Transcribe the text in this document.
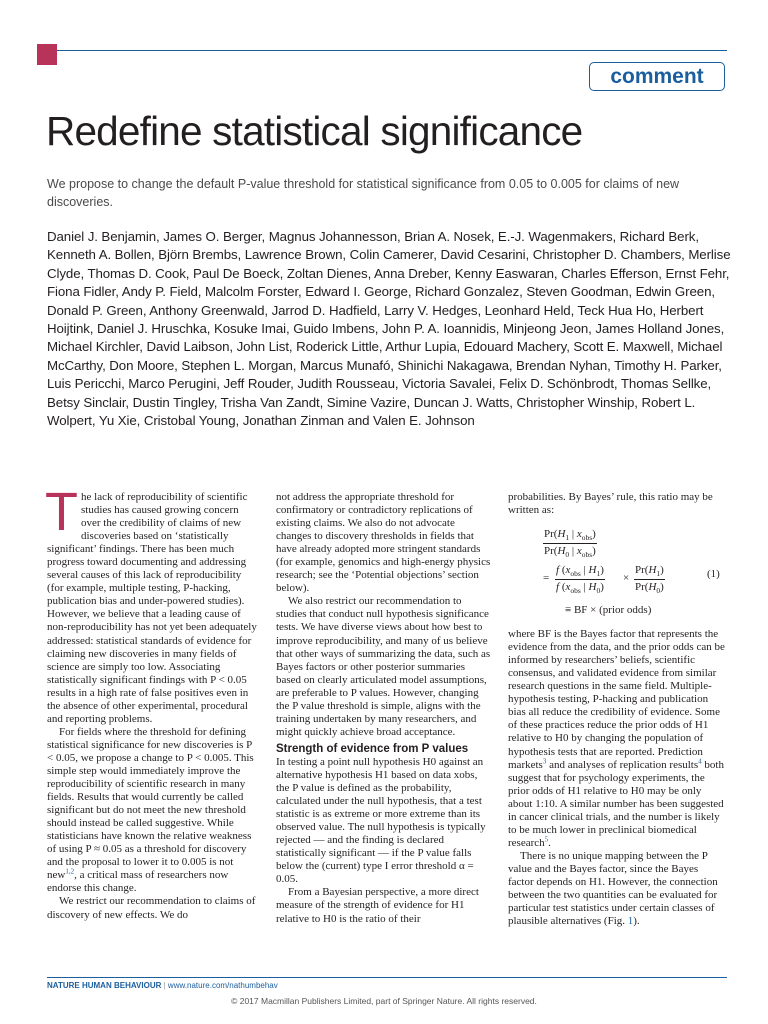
comment
Redefine statistical significance

We propose to change the default P-value threshold for statistical significance from 0.05 to 0.005 for claims of new discoveries.

Daniel J. Benjamin, James O. Berger, Magnus Johannesson, Brian A. Nosek, E.-J. Wagenmakers, Richard Berk, Kenneth A. Bollen, Björn Brembs, Lawrence Brown, Colin Camerer, David Cesarini, Christopher D. Chambers, Merlise Clyde, Thomas D. Cook, Paul De Boeck, Zoltan Dienes, Anna Dreber, Kenny Easwaran, Charles Efferson, Ernst Fehr, Fiona Fidler, Andy P. Field, Malcolm Forster, Edward I. George, Richard Gonzalez, Steven Goodman, Edwin Green, Donald P. Green, Anthony Greenwald, Jarrod D. Hadfield, Larry V. Hedges, Leonhard Held, Teck Hua Ho, Herbert Hoijtink, Daniel J. Hruschka, Kosuke Imai, Guido Imbens, John P. A. Ioannidis, Minjeong Jeon, James Holland Jones, Michael Kirchler, David Laibson, John List, Roderick Little, Arthur Lupia, Edouard Machery, Scott E. Maxwell, Michael McCarthy, Don Moore, Stephen L. Morgan, Marcus Munafó, Shinichi Nakagawa, Brendan Nyhan, Timothy H. Parker, Luis Pericchi, Marco Perugini, Jeff Rouder, Judith Rousseau, Victoria Savalei, Felix D. Schönbrodt, Thomas Sellke, Betsy Sinclair, Dustin Tingley, Trisha Van Zandt, Simine Vazire, Duncan J. Watts, Christopher Winship, Robert L. Wolpert, Yu Xie, Cristobal Young, Jonathan Zinman and Valen E. Johnson

The lack of reproducibility of scientific studies has caused growing concern over the credibility of claims of new discoveries based on ‘statistically significant’ findings. There has been much progress toward documenting and addressing several causes of this lack of reproducibility (for example, multiple testing, P-hacking, publication bias and under-powered studies). However, we believe that a leading cause of non-reproducibility has not yet been adequately addressed: statistical standards of evidence for claiming new discoveries in many fields of science are simply too low. Associating statistically significant findings with P < 0.05 results in a high rate of false positives even in the absence of other experimental, procedural and reporting problems.

For fields where the threshold for defining statistical significance for new discoveries is P < 0.05, we propose a change to P < 0.005. This simple step would immediately improve the reproducibility of scientific research in many fields. Results that would currently be called significant but do not meet the new threshold should instead be called suggestive. While statisticians have known the relative weakness of using P ≈ 0.05 as a threshold for discovery and the proposal to lower it to 0.005 is not new$^{1,2}$, a critical mass of researchers now endorse this change.

We restrict our recommendation to claims of discovery of new effects. We do

not address the appropriate threshold for confirmatory or contradictory replications of existing claims. We also do not advocate changes to discovery thresholds in fields that have already adopted more stringent standards (for example, genomics and high-energy physics research; see the ‘Potential objections’ section below).

We also restrict our recommendation to studies that conduct null hypothesis significance tests. We have diverse views about how best to improve reproducibility, and many of us believe that other ways of summarizing the data, such as Bayes factors or other posterior summaries based on clearly articulated model assumptions, are preferable to P values. However, changing the P value threshold is simple, aligns with the training undertaken by many researchers, and might quickly achieve broad acceptance.

Strength of evidence from P values

In testing a point null hypothesis H0 against an alternative hypothesis H1 based on data xobs, the P value is defined as the probability, calculated under the null hypothesis, that a test statistic is as extreme or more extreme than its observed value. The null hypothesis is typically rejected — and the finding is declared statistically significant — if the P value falls below the (current) type I error threshold α = 0.05.

From a Bayesian perspective, a more direct measure of the strength of evidence for H1 relative to H0 is the ratio of their

probabilities. By Bayes’ rule, this ratio may be written as:

where BF is the Bayes factor that represents the evidence from the data, and the prior odds can be informed by researchers’ beliefs, scientific consensus, and validated evidence from similar research questions in the same field. Multiple-hypothesis testing, P-hacking and publication bias all reduce the credibility of evidence. Some of these practices reduce the prior odds of H1 relative to H0 by changing the population of hypothesis tests that are reported. Prediction markets$^3$ and analyses of replication results$^4$ both suggest that for psychology experiments, the prior odds of H1 relative to H0 may be only about 1:10. A similar number has been suggested in cancer clinical trials, and the number is likely to be much lower in preclinical biomedical research$^5$.

There is no unique mapping between the P value and the Bayes factor, since the Bayes factor depends on H1. However, the connection between the two quantities can be evaluated for particular test statistics under certain classes of plausible alternatives (Fig. 1).

$Pr(H_1$ | $x_{obs}$)
$Pr(H_0$ | $x_{obs}$)
=
f ($x_{obs}$ | $H_1$)
f ($x_{obs}$ | $H_0$)
× $\frac{Pr(H_1)}{Pr(H_0)}$	(1)
≡ BF × (prior odds)
NATURE HUMAN BEHAVIOUR | www.nature.com/nathumbehav
© 2017 Macmillan Publishers Limited, part of Springer Nature. All rights reserved.
